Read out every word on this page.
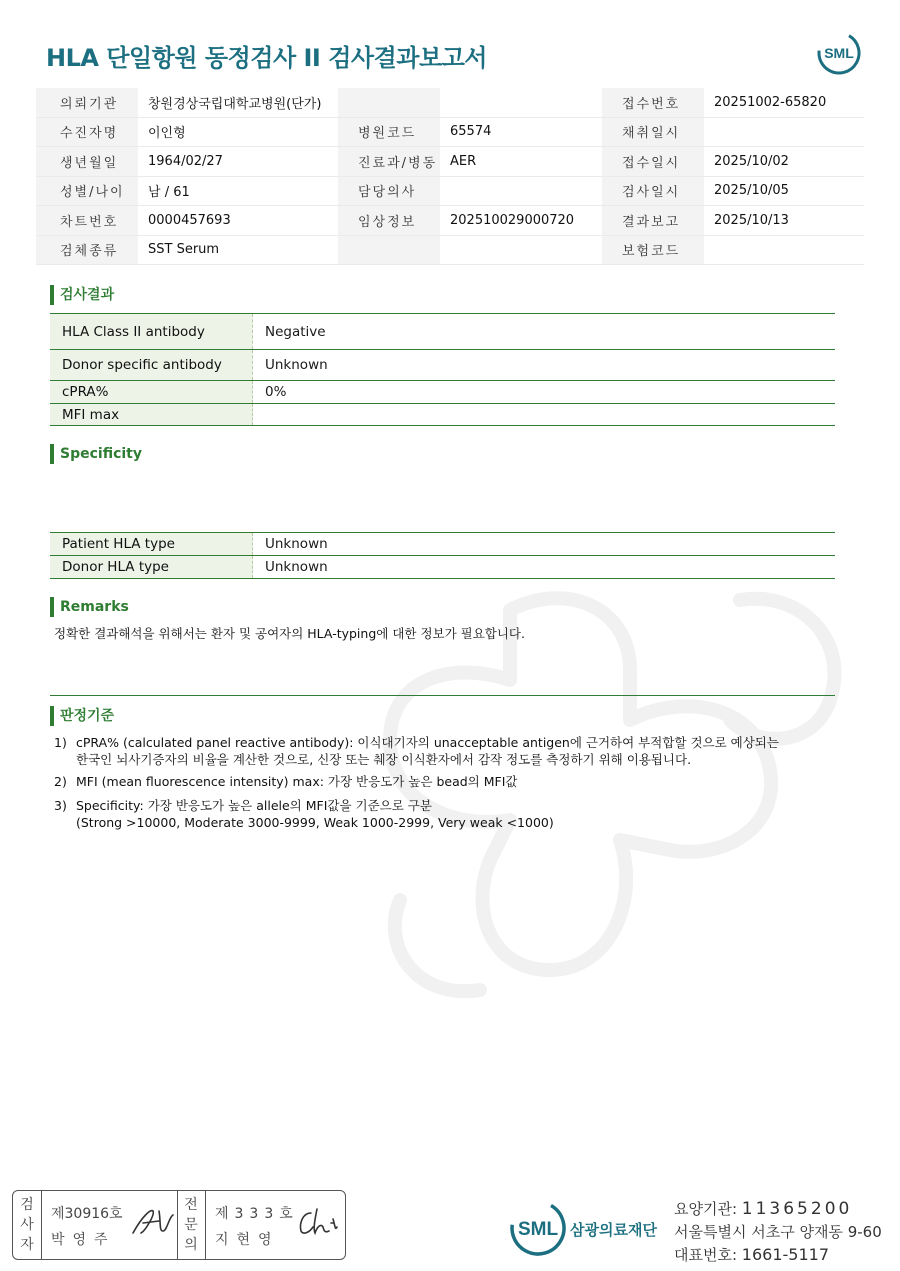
HLA 단일항원 동정검사 II 검사결과보고서	SML
의뢰기관	창원경상국립대학교병원(단가)			접수번호	20251002-65820
수진자명	이인형	병원코드	65574	채취일시	
생년월일	1964/02/27	진료과/병동	AER	접수일시	2025/10/02
성별/나이	남 / 61	담당의사		검사일시	2025/10/05
차트번호	0000457693	임상정보	202510029000720	결과보고	2025/10/13
검체종류	SST Serum			보험코드	
검사결과
HLA Class II antibody	Negative
Donor specific antibody	Unknown
cPRA%	0%
MFI max	
Specificity
Patient HLA type	Unknown
Donor HLA type	Unknown
Remarks
정확한 결과해석을 위해서는 환자 및 공여자의 HLA-typing에 대한 정보가 필요합니다.
판정기준
1) cPRA% (calculated panel reactive antibody): 이식대기자의 unacceptable antigen에 근거하여 부적합할 것으로 예상되는
한국인 뇌사기증자의 비율을 계산한 것으로, 신장 또는 췌장 이식환자에서 감작 정도를 측정하기 위해 이용됩니다.
2) MFI (mean fluorescence intensity) max: 가장 반응도가 높은 bead의 MFI값
3) Specificity: 가장 반응도가 높은 allele의 MFI값을 기준으로 구분
(Strong >10000, Moderate 3000-9999, Weak 1000-2999, Very weak <1000)
검
사
자
제30916호
박영주
전
문
의
제333호
지현영	SML 삼광의료재단
요양기관: 11365200
서울특별시 서초구 양재동 9-60
대표번호: 1661-5117
